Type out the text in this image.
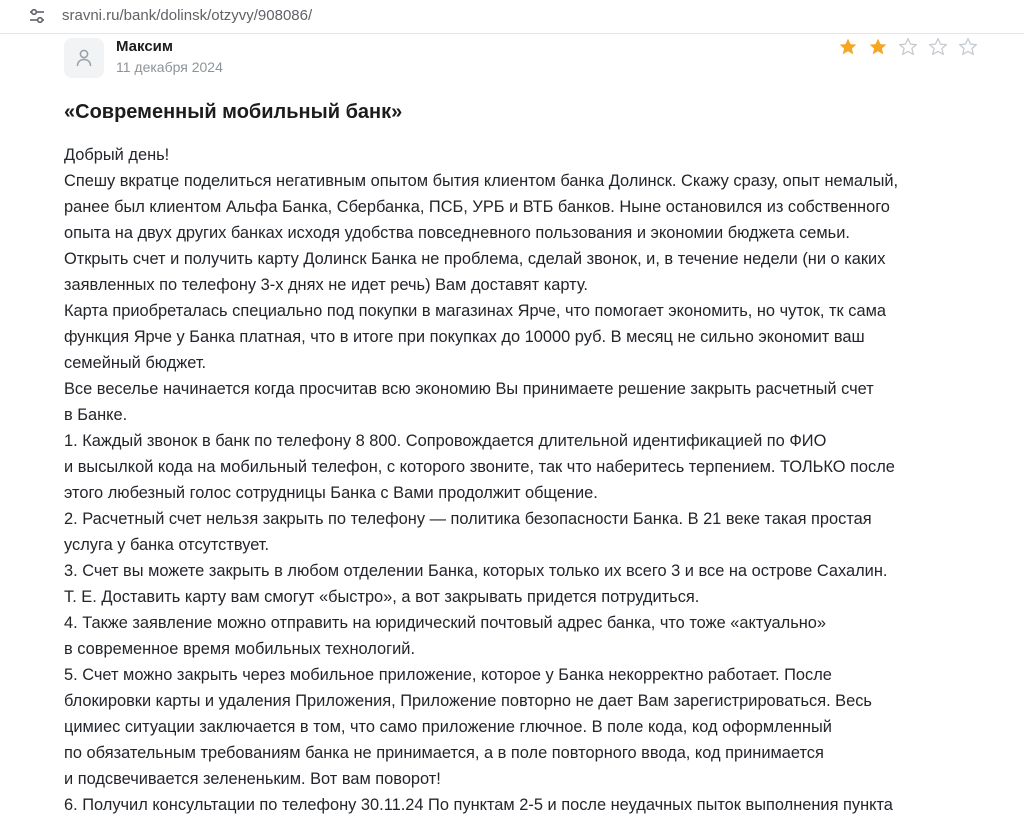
sravni.ru/bank/dolinsk/otzyvy/908086/
Максим
11 декабря 2024
«Современный мобильный банк»
Добрый день!
Спешу вкратце поделиться негативным опытом бытия клиентом банка Долинск. Скажу сразу, опыт немалый,
ранее был клиентом Альфа Банка, Сбербанка, ПСБ, УРБ и ВТБ банков. Ныне остановился из собственного
опыта на двух других банках исходя удобства повседневного пользования и экономии бюджета семьи.
Открыть счет и получить карту Долинск Банка не проблема, сделай звонок, и, в течение недели (ни о каких
заявленных по телефону 3-х днях не идет речь) Вам доставят карту.
Карта приобреталась специально под покупки в магазинах Ярче, что помогает экономить, но чуток, тк сама
функция Ярче у Банка платная, что в итоге при покупках до 10000 руб. В месяц не сильно экономит ваш
семейный бюджет.
Все веселье начинается когда просчитав всю экономию Вы принимаете решение закрыть расчетный счет
в Банке.
1. Каждый звонок в банк по телефону 8 800. Сопровождается длительной идентификацией по ФИО
и высылкой кода на мобильный телефон, с которого звоните, так что наберитесь терпением. ТОЛЬКО после
этого любезный голос сотрудницы Банка с Вами продолжит общение.
2. Расчетный счет нельзя закрыть по телефону — политика безопасности Банка. В 21 веке такая простая
услуга у банка отсутствует.
3. Счет вы можете закрыть в любом отделении Банка, которых только их всего 3 и все на острове Сахалин.
Т. Е. Доставить карту вам смогут «быстро», а вот закрывать придется потрудиться.
4. Также заявление можно отправить на юридический почтовый адрес банка, что тоже «актуально»
в современное время мобильных технологий.
5. Счет можно закрыть через мобильное приложение, которое у Банка некорректно работает. После
блокировки карты и удаления Приложения, Приложение повторно не дает Вам зарегистрироваться. Весь
цимиес ситуации заключается в том, что само приложение глючное. В поле кода, код оформленный
по обязательным требованиям банка не принимается, а в поле повторного ввода, код принимается
и подсвечивается зелененьким. Вот вам поворот!
6. Получил консультации по телефону 30.11.24 По пунктам 2-5 и после неудачных пыток выполнения пункта
